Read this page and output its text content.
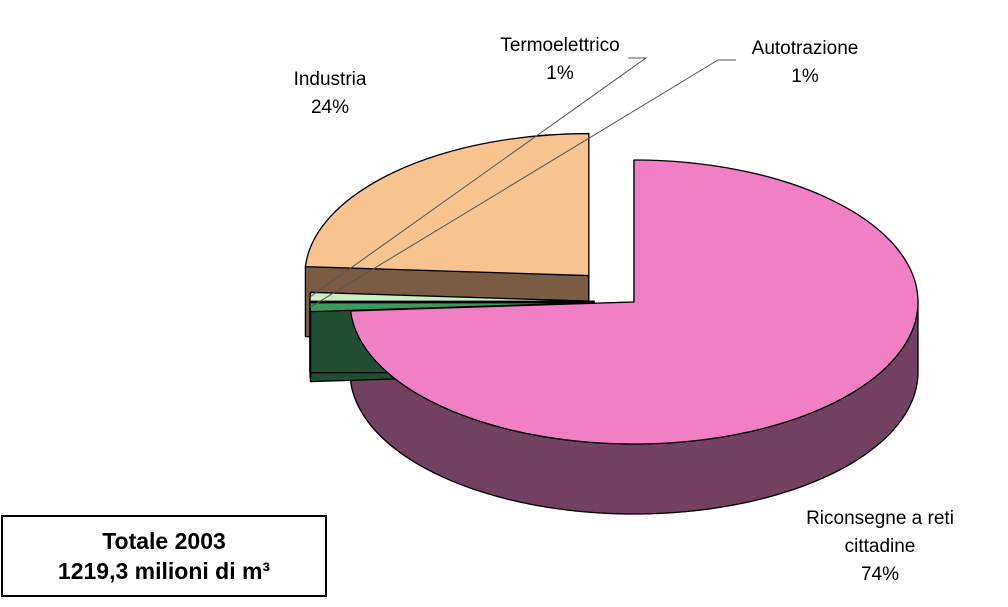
Industria
24%
Termoelettrico
1%
Autotrazione
1%
Riconsegne a reti
cittadine
74%
Totale 2003
1219,3 milioni di m³
